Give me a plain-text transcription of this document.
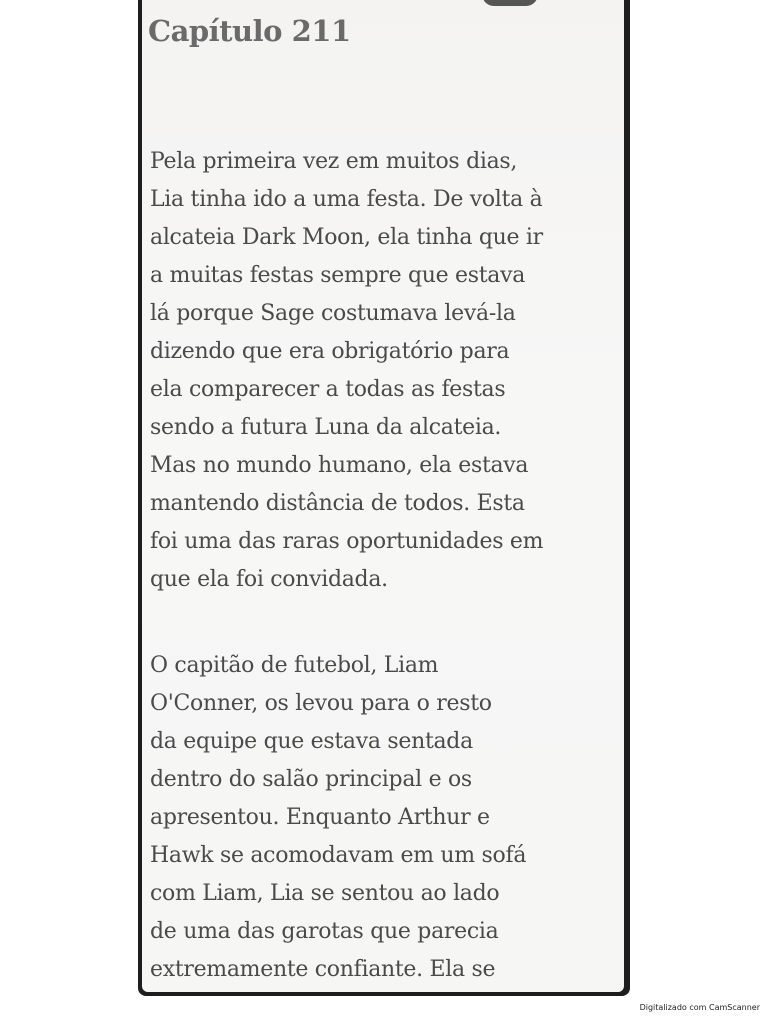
Capítulo 211

Pela primeira vez em muitos dias,
Lia tinha ido a uma festa. De volta à
alcateia Dark Moon, ela tinha que ir
a muitas festas sempre que estava
lá porque Sage costumava levá-la
dizendo que era obrigatório para
ela comparecer a todas as festas
sendo a futura Luna da alcateia.
Mas no mundo humano, ela estava
mantendo distância de todos. Esta
foi uma das raras oportunidades em
que ela foi convidada.

O capitão de futebol, Liam
O'Conner, os levou para o resto
da equipe que estava sentada
dentro do salão principal e os
apresentou. Enquanto Arthur e
Hawk se acomodavam em um sofá
com Liam, Lia se sentou ao lado
de uma das garotas que parecia
extremamente confiante. Ela se

Digitalizado com CamScanner
